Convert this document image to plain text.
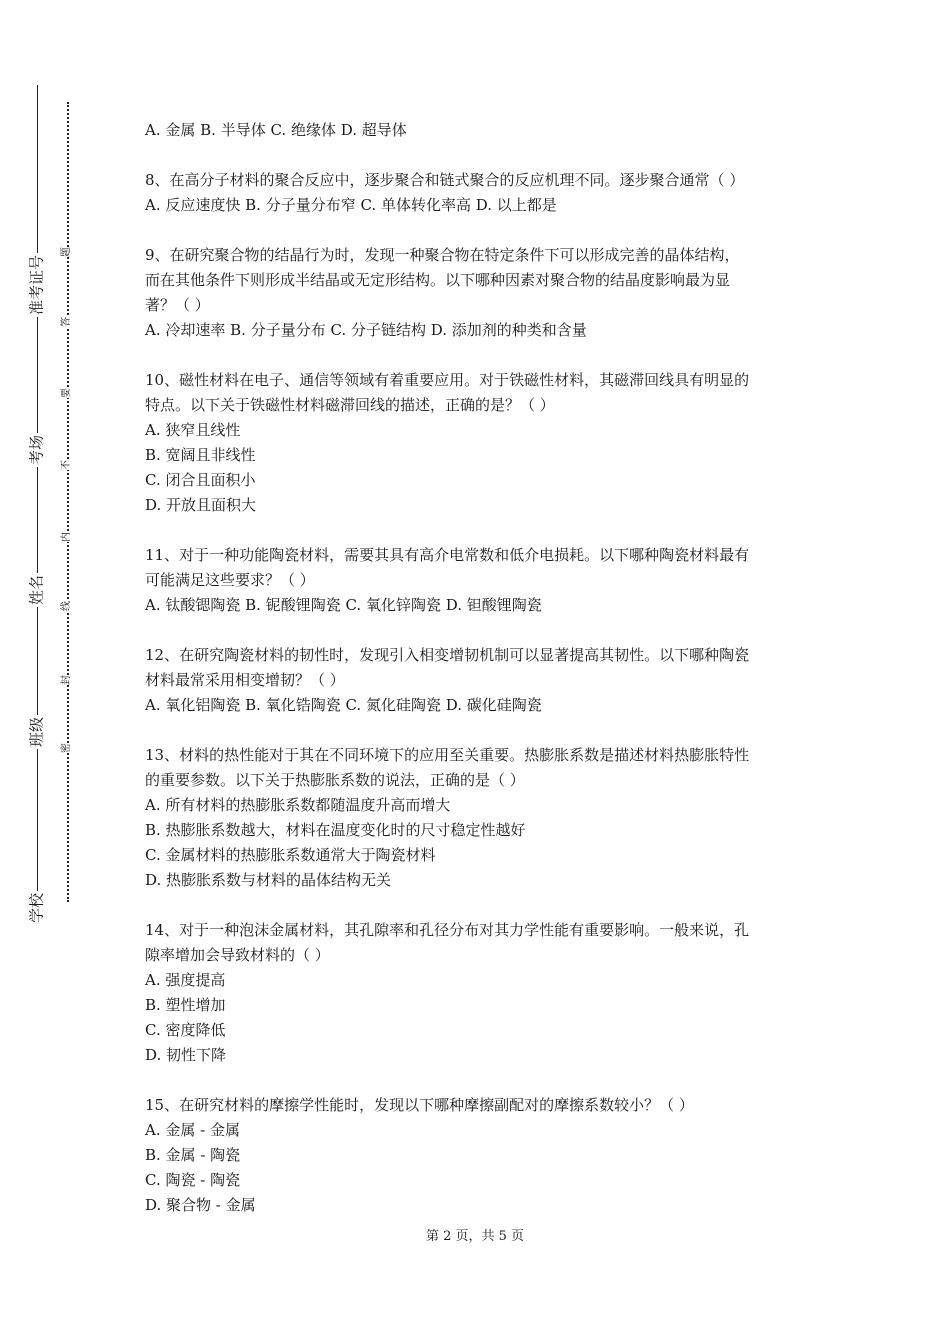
准考证号
考场
姓名
班级
学校
题
答
要
不
内
线
封
密

A. 金属 B. 半导体 C. 绝缘体 D. 超导体

8、在高分子材料的聚合反应中，逐步聚合和链式聚合的反应机理不同。逐步聚合通常（ ）

A. 反应速度快 B. 分子量分布窄 C. 单体转化率高 D. 以上都是

9、在研究聚合物的结晶行为时，发现一种聚合物在特定条件下可以形成完善的晶体结构，

而在其他条件下则形成半结晶或无定形结构。以下哪种因素对聚合物的结晶度影响最为显

著？（ ）

A. 冷却速率 B. 分子量分布 C. 分子链结构 D. 添加剂的种类和含量

10、磁性材料在电子、通信等领域有着重要应用。对于铁磁性材料，其磁滞回线具有明显的

特点。以下关于铁磁性材料磁滞回线的描述，正确的是？（ ）

A. 狭窄且线性

B. 宽阔且非线性

C. 闭合且面积小

D. 开放且面积大

11、对于一种功能陶瓷材料，需要其具有高介电常数和低介电损耗。以下哪种陶瓷材料最有

可能满足这些要求？（ ）

A. 钛酸锶陶瓷 B. 铌酸锂陶瓷 C. 氧化锌陶瓷 D. 钽酸锂陶瓷

12、在研究陶瓷材料的韧性时，发现引入相变增韧机制可以显著提高其韧性。以下哪种陶瓷

材料最常采用相变增韧？（ ）

A. 氧化铝陶瓷 B. 氧化锆陶瓷 C. 氮化硅陶瓷 D. 碳化硅陶瓷

13、材料的热性能对于其在不同环境下的应用至关重要。热膨胀系数是描述材料热膨胀特性

的重要参数。以下关于热膨胀系数的说法，正确的是（ ）

A. 所有材料的热膨胀系数都随温度升高而增大

B. 热膨胀系数越大，材料在温度变化时的尺寸稳定性越好

C. 金属材料的热膨胀系数通常大于陶瓷材料

D. 热膨胀系数与材料的晶体结构无关

14、对于一种泡沫金属材料，其孔隙率和孔径分布对其力学性能有重要影响。一般来说，孔

隙率增加会导致材料的（ ）

A. 强度提高

B. 塑性增加

C. 密度降低

D. 韧性下降

15、在研究材料的摩擦学性能时，发现以下哪种摩擦副配对的摩擦系数较小？（ ）

A. 金属 - 金属

B. 金属 - 陶瓷

C. 陶瓷 - 陶瓷

D. 聚合物 - 金属

第 2 页，共 5 页
